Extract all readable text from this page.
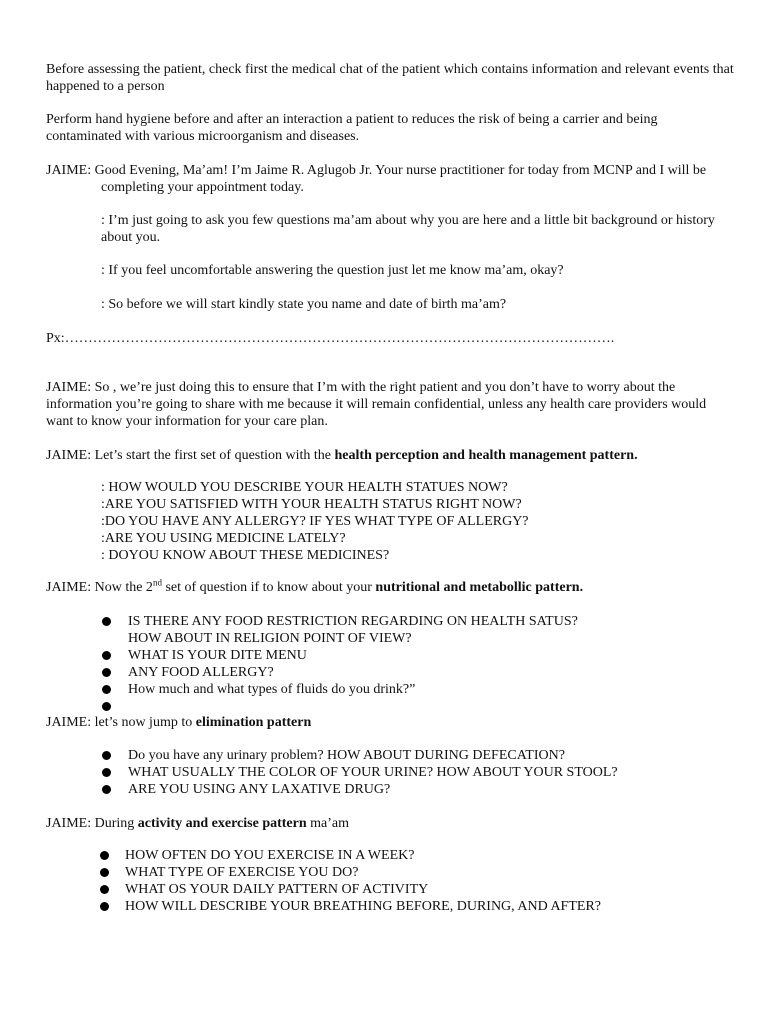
Before assessing the patient, check first the medical chat of the patient which contains information and relevant events that happened to a person

Perform hand hygiene before and after an interaction a patient to reduces the risk of being a carrier and being contaminated with various microorganism and diseases.

JAIME: Good Evening, Ma’am! I’m Jaime R. Aglugob Jr. Your nurse practitioner for today from MCNP and I will be completing your appointment today.

: I’m just going to ask you few questions ma’am about why you are here and a little bit background or history about you.

: If you feel uncomfortable answering the question just let me know ma’am, okay?

: So before we will start kindly state you name and date of birth ma’am?

Px:……………………………………………………………………………………………………….

JAIME: So , we’re just doing this to ensure that I’m with the right patient and you don’t have to worry about the information you’re going to share with me because it will remain confidential, unless any health care providers would want to know your information for your care plan.

JAIME: Let’s start the first set of question with the health perception and health management pattern.

: HOW WOULD YOU DESCRIBE YOUR HEALTH STATUES NOW?

:ARE YOU SATISFIED WITH YOUR HEALTH STATUS RIGHT NOW?

:DO YOU HAVE ANY ALLERGY? IF YES WHAT TYPE OF ALLERGY?

:ARE YOU USING MEDICINE LATELY?

: DOYOU KNOW ABOUT THESE MEDICINES?

JAIME: Now the 2nd set of question if to know about your nutritional and metabollic pattern.

IS THERE ANY FOOD RESTRICTION REGARDING ON HEALTH SATUS?
HOW ABOUT IN RELIGION POINT OF VIEW?
WHAT IS YOUR DITE MENU
ANY FOOD ALLERGY?
How much and what types of fluids do you drink?”

JAIME: let’s now jump to elimination pattern

Do you have any urinary problem? HOW ABOUT DURING DEFECATION?
WHAT USUALLY THE COLOR OF YOUR URINE? HOW ABOUT YOUR STOOL?
ARE YOU USING ANY LAXATIVE DRUG?

JAIME: During activity and exercise pattern ma’am

HOW OFTEN DO YOU EXERCISE IN A WEEK?
WHAT TYPE OF EXERCISE YOU DO?
WHAT OS YOUR DAILY PATTERN OF ACTIVITY
HOW WILL DESCRIBE YOUR BREATHING BEFORE, DURING, AND AFTER?
